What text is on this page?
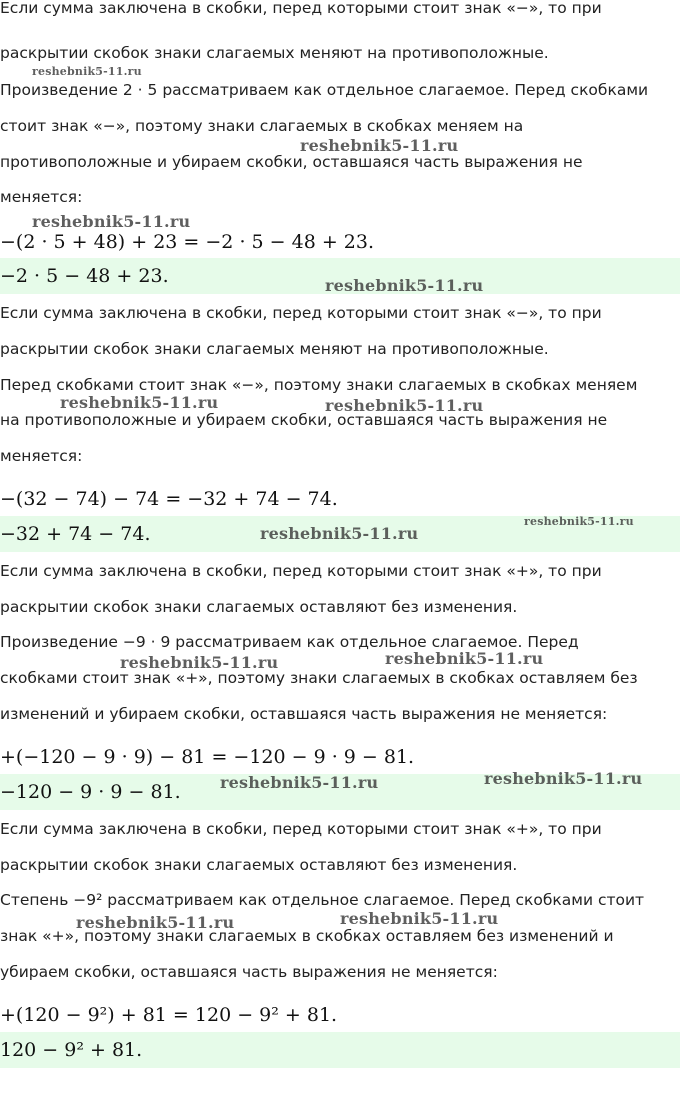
Если сумма заключена в скобки, перед которыми стоит знак «−», то при

раскрытии скобок знаки слагаемых меняют на противоположные.

Произведение 2 · 5 рассматриваем как отдельное слагаемое. Перед скобками

стоит знак «−», поэтому знаки слагаемых в скобках меняем на

противоположные и убираем скобки, оставшаяся часть выражения не

меняется:

−(2 · 5 + 48) + 23 = −2 · 5 − 48 + 23.

−2 · 5 − 48 + 23.

Если сумма заключена в скобки, перед которыми стоит знак «−», то при

раскрытии скобок знаки слагаемых меняют на противоположные.

Перед скобками стоит знак «−», поэтому знаки слагаемых в скобках меняем

на противоположные и убираем скобки, оставшаяся часть выражения не

меняется:

−(32 − 74) − 74 = −32 + 74 − 74.

−32 + 74 − 74.

Если сумма заключена в скобки, перед которыми стоит знак «+», то при

раскрытии скобок знаки слагаемых оставляют без изменения.

Произведение −9 · 9 рассматриваем как отдельное слагаемое. Перед

скобками стоит знак «+», поэтому знаки слагаемых в скобках оставляем без

изменений и убираем скобки, оставшаяся часть выражения не меняется:

+(−120 − 9 · 9) − 81 = −120 − 9 · 9 − 81.

−120 − 9 · 9 − 81.

Если сумма заключена в скобки, перед которыми стоит знак «+», то при

раскрытии скобок знаки слагаемых оставляют без изменения.

Степень −9² рассматриваем как отдельное слагаемое. Перед скобками стоит

знак «+», поэтому знаки слагаемых в скобках оставляем без изменений и

убираем скобки, оставшаяся часть выражения не меняется:

+(120 − 9²) + 81 = 120 − 9² + 81.

120 − 9² + 81.

reshebnik5-11.ru

reshebnik5-11.ru

reshebnik5-11.ru

reshebnik5-11.ru

reshebnik5-11.ru	reshebnik5-11.ru

reshebnik5-11.ru

reshebnik5-11.ru

reshebnik5-11.ru	reshebnik5-11.ru

reshebnik5-11.ru	reshebnik5-11.ru

reshebnik5-11.ru	reshebnik5-11.ru
